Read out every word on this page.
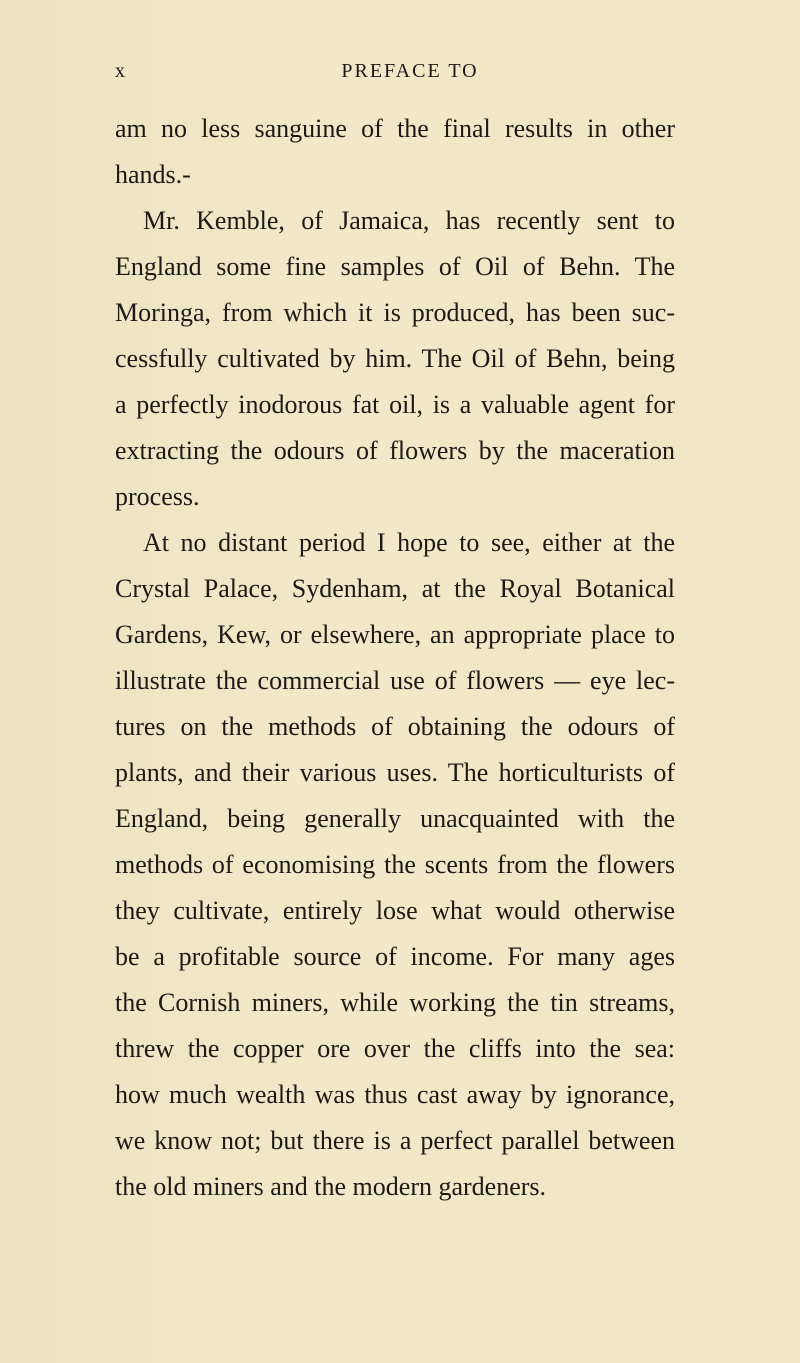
x	PREFACE TO
am no less sanguine of the final results in other
hands.-
Mr. Kemble, of Jamaica, has recently sent to
England some fine samples of Oil of Behn. The
Moringa, from which it is produced, has been suc-
cessfully cultivated by him. The Oil of Behn, being
a perfectly inodorous fat oil, is a valuable agent for
extracting the odours of flowers by the maceration
process.
At no distant period I hope to see, either at the
Crystal Palace, Sydenham, at the Royal Botanical
Gardens, Kew, or elsewhere, an appropriate place to
illustrate the commercial use of flowers — eye lec-
tures on the methods of obtaining the odours of
plants, and their various uses. The horticulturists of
England, being generally unacquainted with the
methods of economising the scents from the flowers
they cultivate, entirely lose what would otherwise
be a profitable source of income. For many ages
the Cornish miners, while working the tin streams,
threw the copper ore over the cliffs into the sea:
how much wealth was thus cast away by ignorance,
we know not; but there is a perfect parallel between
the old miners and the modern gardeners.
